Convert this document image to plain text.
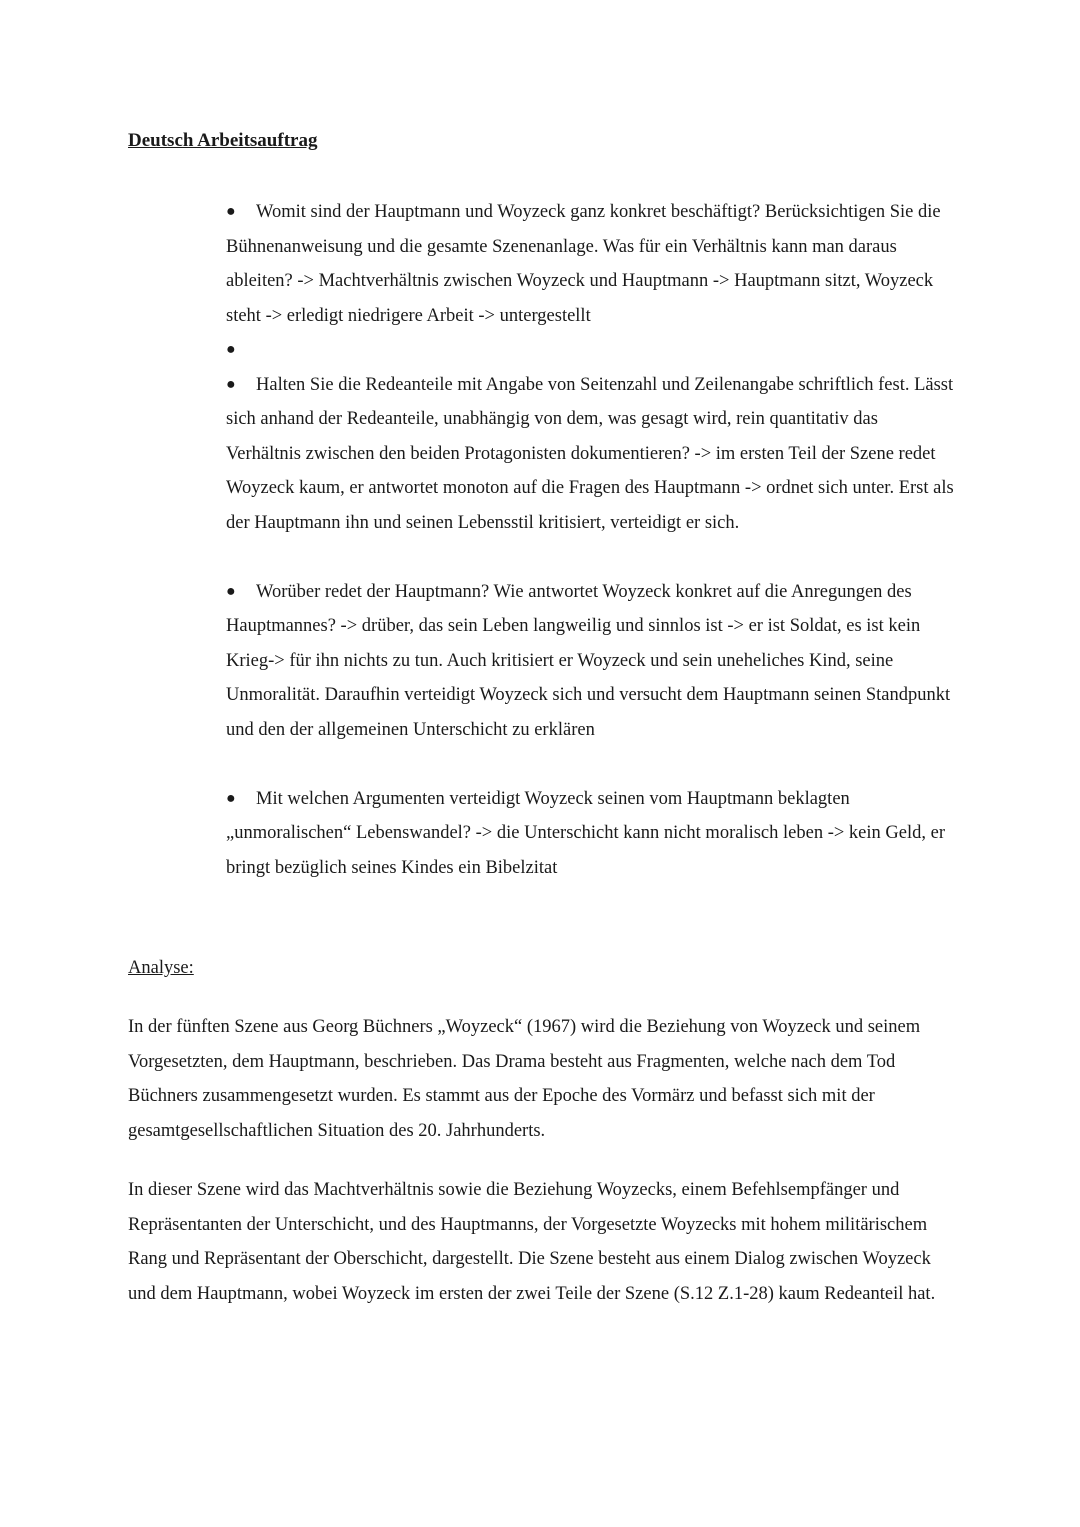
Deutsch Arbeitsauftrag
● Womit sind der Hauptmann und Woyzeck ganz konkret beschäftigt? Berücksichtigen Sie die Bühnenanweisung und die gesamte Szenenanlage. Was für ein Verhältnis kann man daraus ableiten? -> Machtverhältnis zwischen Woyzeck und Hauptmann -> Hauptmann sitzt, Woyzeck steht -> erledigt niedrigere Arbeit -> untergestellt
●
● Halten Sie die Redeanteile mit Angabe von Seitenzahl und Zeilenangabe schriftlich fest. Lässt sich anhand der Redeanteile, unabhängig von dem, was gesagt wird, rein quantitativ das Verhältnis zwischen den beiden Protagonisten dokumentieren? -> im ersten Teil der Szene redet Woyzeck kaum, er antwortet monoton auf die Fragen des Hauptmann -> ordnet sich unter. Erst als der Hauptmann ihn und seinen Lebensstil kritisiert, verteidigt er sich.
● Worüber redet der Hauptmann? Wie antwortet Woyzeck konkret auf die Anregungen des Hauptmannes? -> drüber, das sein Leben langweilig und sinnlos ist -> er ist Soldat, es ist kein Krieg-> für ihn nichts zu tun. Auch kritisiert er Woyzeck und sein uneheliches Kind, seine Unmoralität. Daraufhin verteidigt Woyzeck sich und versucht dem Hauptmann seinen Standpunkt und den der allgemeinen Unterschicht zu erklären
● Mit welchen Argumenten verteidigt Woyzeck seinen vom Hauptmann beklagten „unmoralischen“ Lebenswandel? -> die Unterschicht kann nicht moralisch leben -> kein Geld, er bringt bezüglich seines Kindes ein Bibelzitat
Analyse:

In der fünften Szene aus Georg Büchners „Woyzeck“ (1967) wird die Beziehung von Woyzeck und seinem Vorgesetzten, dem Hauptmann, beschrieben. Das Drama besteht aus Fragmenten, welche nach dem Tod Büchners zusammengesetzt wurden. Es stammt aus der Epoche des Vormärz und befasst sich mit der gesamtgesellschaftlichen Situation des 20. Jahrhunderts.

In dieser Szene wird das Machtverhältnis sowie die Beziehung Woyzecks, einem Befehlsempfänger und Repräsentanten der Unterschicht, und des Hauptmanns, der Vorgesetzte Woyzecks mit hohem militärischem Rang und Repräsentant der Oberschicht, dargestellt. Die Szene besteht aus einem Dialog zwischen Woyzeck und dem Hauptmann, wobei Woyzeck im ersten der zwei Teile der Szene (S.12 Z.1-28) kaum Redeanteil hat.
